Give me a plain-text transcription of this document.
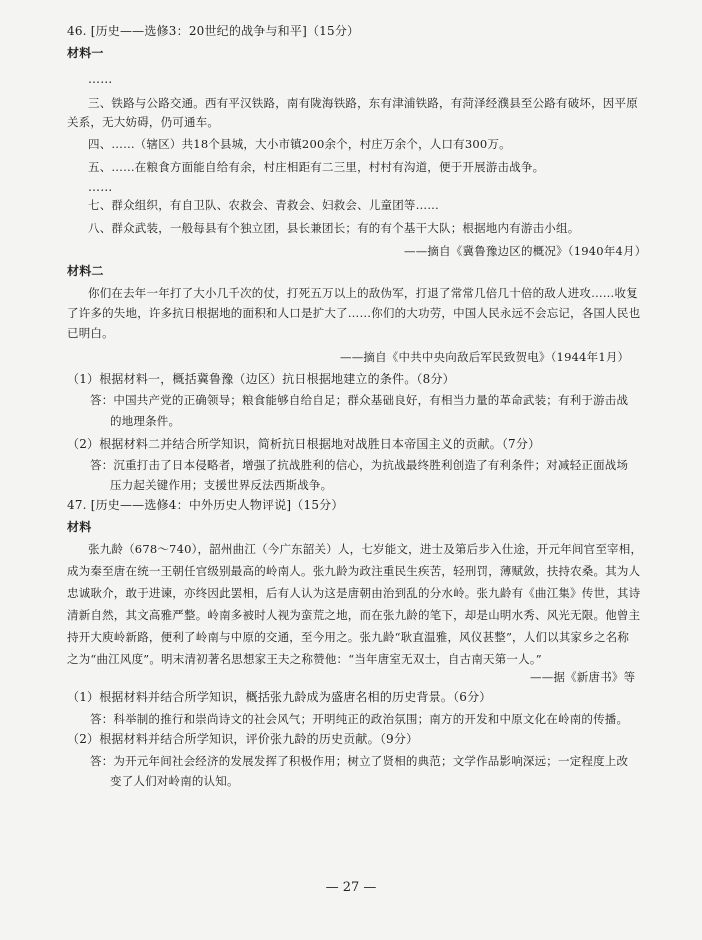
46. [历史——选修3：20世纪的战争与和平]（15分）
材料一
……
三、铁路与公路交通。西有平汉铁路，南有陇海铁路，东有津浦铁路，有菏泽经濮县至公路有破坏，因平原
关系，无大妨碍，仍可通车。
四、……（辖区）共18个县城，大小市镇200余个，村庄万余个，人口有300万。
五、……在粮食方面能自给有余，村庄相距有二三里，村村有沟道，便于开展游击战争。
……
七、群众组织，有自卫队、农救会、青救会、妇救会、儿童团等……
八、群众武装，一般每县有个独立团，县长兼团长；有的有个基干大队；根据地内有游击小组。
——摘自《冀鲁豫边区的概况》（1940年4月）
材料二
你们在去年一年打了大小几千次的仗，打死五万以上的敌伪军，打退了常常几倍几十倍的敌人进攻……收复
了许多的失地，许多抗日根据地的面积和人口是扩大了……你们的大功劳，中国人民永远不会忘记，各国人民也
已明白。
——摘自《中共中央向敌后军民致贺电》（1944年1月）
（1）根据材料一，概括冀鲁豫（边区）抗日根据地建立的条件。（8分）
答：中国共产党的正确领导；粮食能够自给自足；群众基础良好，有相当力量的革命武装；有利于游击战
的地理条件。
（2）根据材料二并结合所学知识，简析抗日根据地对战胜日本帝国主义的贡献。（7分）
答：沉重打击了日本侵略者，增强了抗战胜利的信心，为抗战最终胜利创造了有利条件；对减轻正面战场
压力起关键作用；支援世界反法西斯战争。
47. [历史——选修4：中外历史人物评说]（15分）
材料
张九龄（678～740），韶州曲江（今广东韶关）人，七岁能文，进士及第后步入仕途，开元年间官至宰相，
成为秦至唐在统一王朝任官级别最高的岭南人。张九龄为政注重民生疾苦，轻刑罚，薄赋敛，扶持农桑。其为人
忠诚耿介，敢于进谏，亦终因此罢相，后有人认为这是唐朝由治到乱的分水岭。张九龄有《曲江集》传世，其诗
清新自然，其文高雅严整。岭南多被时人视为蛮荒之地，而在张九龄的笔下，却是山明水秀、风光无限。他曾主
持开大庾岭新路，便利了岭南与中原的交通，至今用之。张九龄“耿直温雅，风仪甚整”，人们以其家乡之名称
之为“曲江风度”。明末清初著名思想家王夫之称赞他：“当年唐室无双士，自古南天第一人。”
——据《新唐书》等
（1）根据材料并结合所学知识，概括张九龄成为盛唐名相的历史背景。（6分）
答：科举制的推行和崇尚诗文的社会风气；开明纯正的政治氛围；南方的开发和中原文化在岭南的传播。
（2）根据材料并结合所学知识，评价张九龄的历史贡献。（9分）
答：为开元年间社会经济的发展发挥了积极作用；树立了贤相的典范；文学作品影响深远；一定程度上改
变了人们对岭南的认知。
— 27 —
